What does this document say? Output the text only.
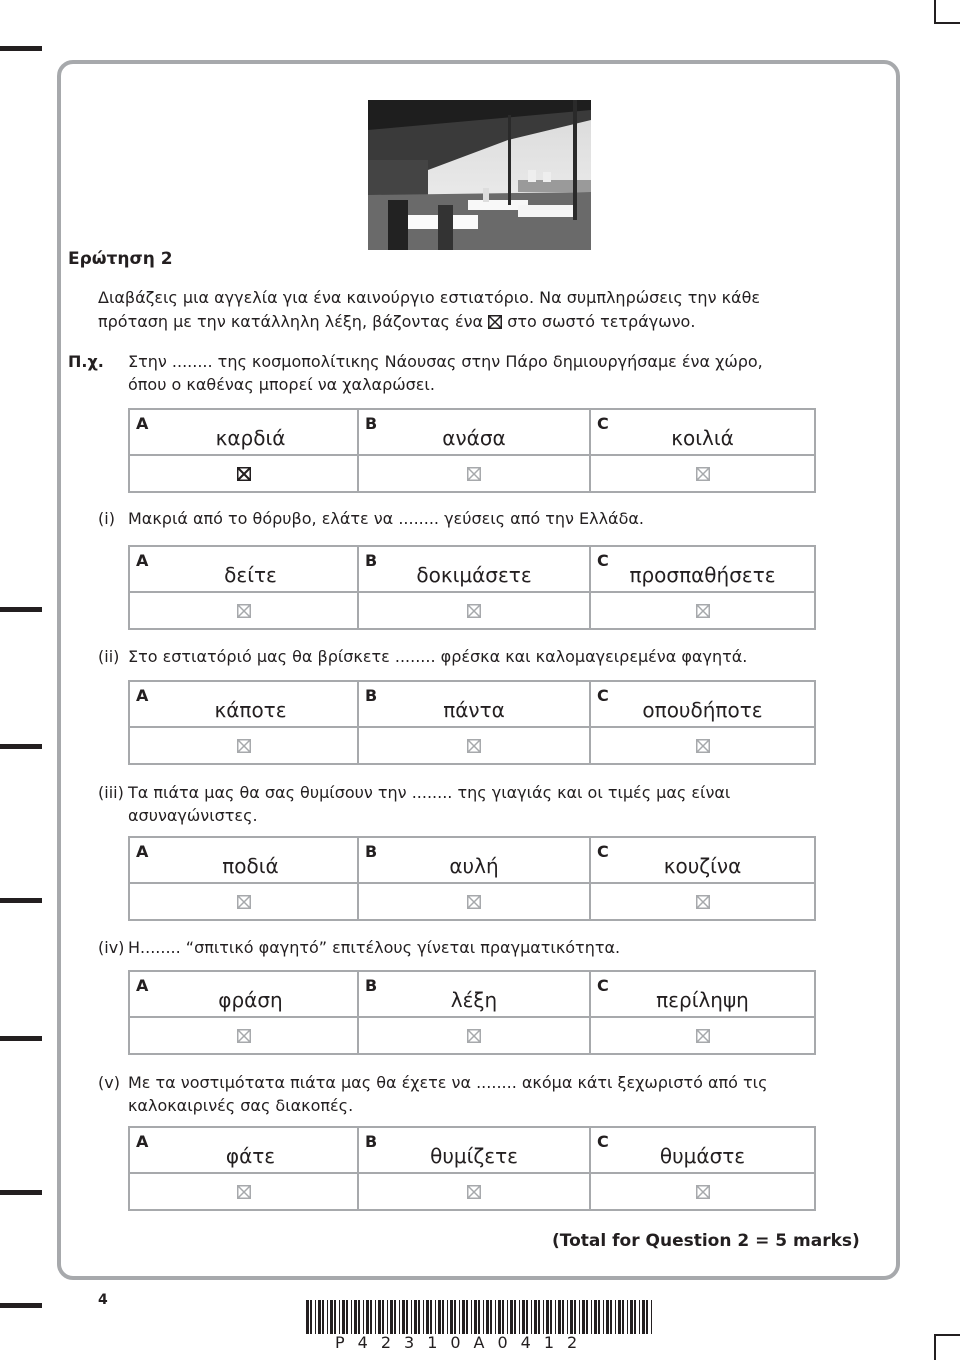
Ερώτηση 2
Διαβάζεις μια αγγελία για ένα καινούργιο εστιατόριο. Να συμπληρώσεις την κάθε
πρόταση με την κατάλληλη λέξη, βάζοντας ένα ☒ στο σωστό τετράγωνο.
Π.χ. Στην ........ της κοσμοπολίτικης Νάουσας στην Πάρο δημιουργήσαμε ένα χώρο,
όπου ο καθένας μπορεί να χαλαρώσει.
A
καρδιά
B
ανάσα
C
κοιλιά
(i) Μακριά από το θόρυβο, ελάτε να ........ γεύσεις από την Ελλάδα.
A
δείτε
B
δοκιμάσετε
C
προσπαθήσετε
(ii) Στο εστιατόριό μας θα βρίσκετε ........ φρέσκα και καλομαγειρεμένα φαγητά.
A
κάποτε
B
πάντα
C
οπουδήποτε
(iii) Τα πιάτα μας θα σας θυμίσουν την ........ της γιαγιάς και οι τιμές μας είναι
ασυναγώνιστες.
A
ποδιά
B
αυλή
C
κουζίνα
(iv) Η........ “σπιτικό φαγητό” επιτέλους γίνεται πραγματικότητα.
A
φράση
B
λέξη
C
περίληψη
(v) Με τα νοστιμότατα πιάτα μας θα έχετε να ........ ακόμα κάτι ξεχωριστό από τις
καλοκαιρινές σας διακοπές.
A
φάτε
B
θυμίζετε
C
θυμάστε
(Total for Question 2 = 5 marks)
4
P42310A0412
